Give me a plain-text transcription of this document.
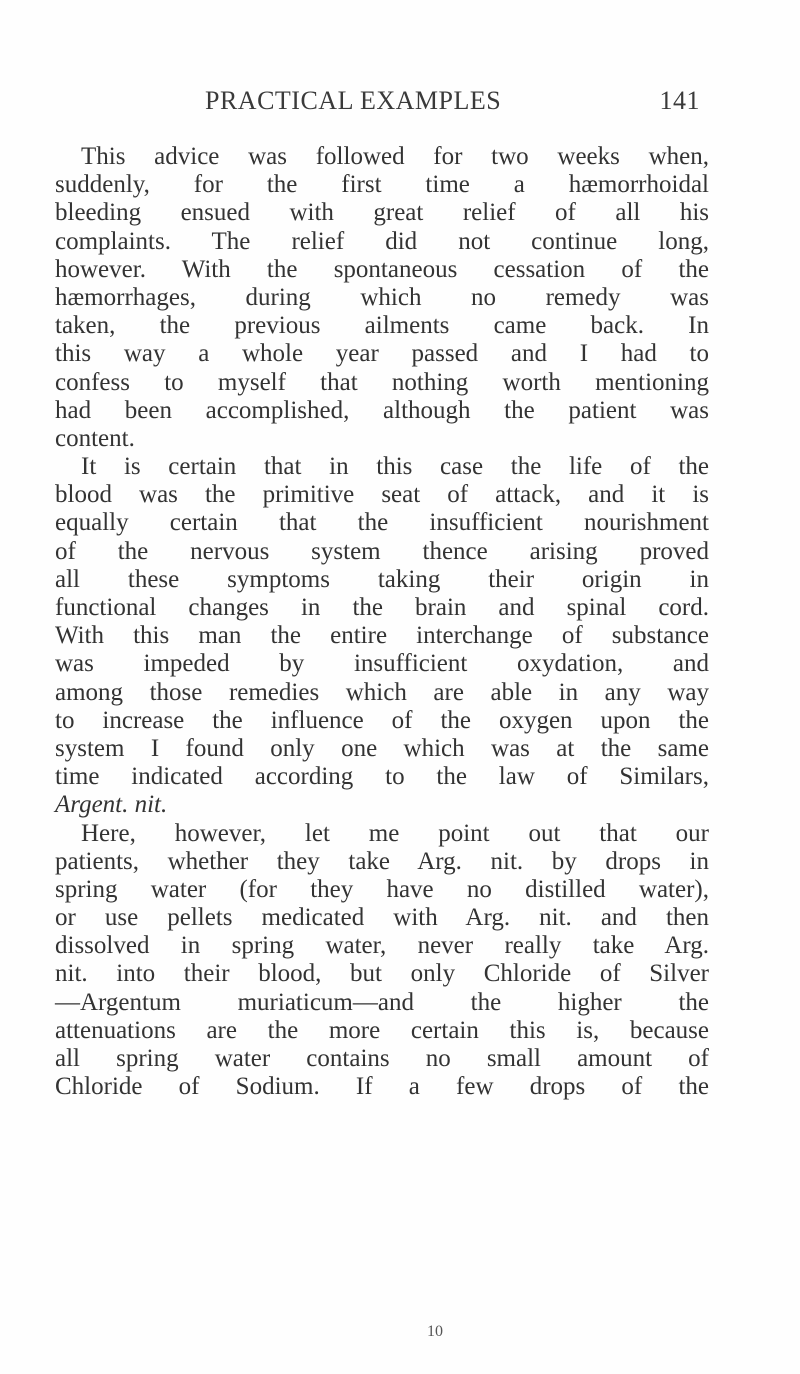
PRACTICAL EXAMPLES	141
This advice was followed for two weeks when,
suddenly, for the first time a hæmorrhoidal
bleeding ensued with great relief of all his
complaints. The relief did not continue long,
however. With the spontaneous cessation of the
hæmorrhages, during which no remedy was
taken, the previous ailments came back. In
this way a whole year passed and I had to
confess to myself that nothing worth mentioning
had been accomplished, although the patient was
content.
It is certain that in this case the life of the
blood was the primitive seat of attack, and it is
equally certain that the insufficient nourishment
of the nervous system thence arising proved
all these symptoms taking their origin in
functional changes in the brain and spinal cord.
With this man the entire interchange of substance
was impeded by insufficient oxydation, and
among those remedies which are able in any way
to increase the influence of the oxygen upon the
system I found only one which was at the same
time indicated according to the law of Similars,
Argent. nit.
Here, however, let me point out that our
patients, whether they take Arg. nit. by drops in
spring water (for they have no distilled water),
or use pellets medicated with Arg. nit. and then
dissolved in spring water, never really take Arg.
nit. into their blood, but only Chloride of Silver
—Argentum muriaticum—and the higher the
attenuations are the more certain this is, because
all spring water contains no small amount of
Chloride of Sodium. If a few drops of the
10
